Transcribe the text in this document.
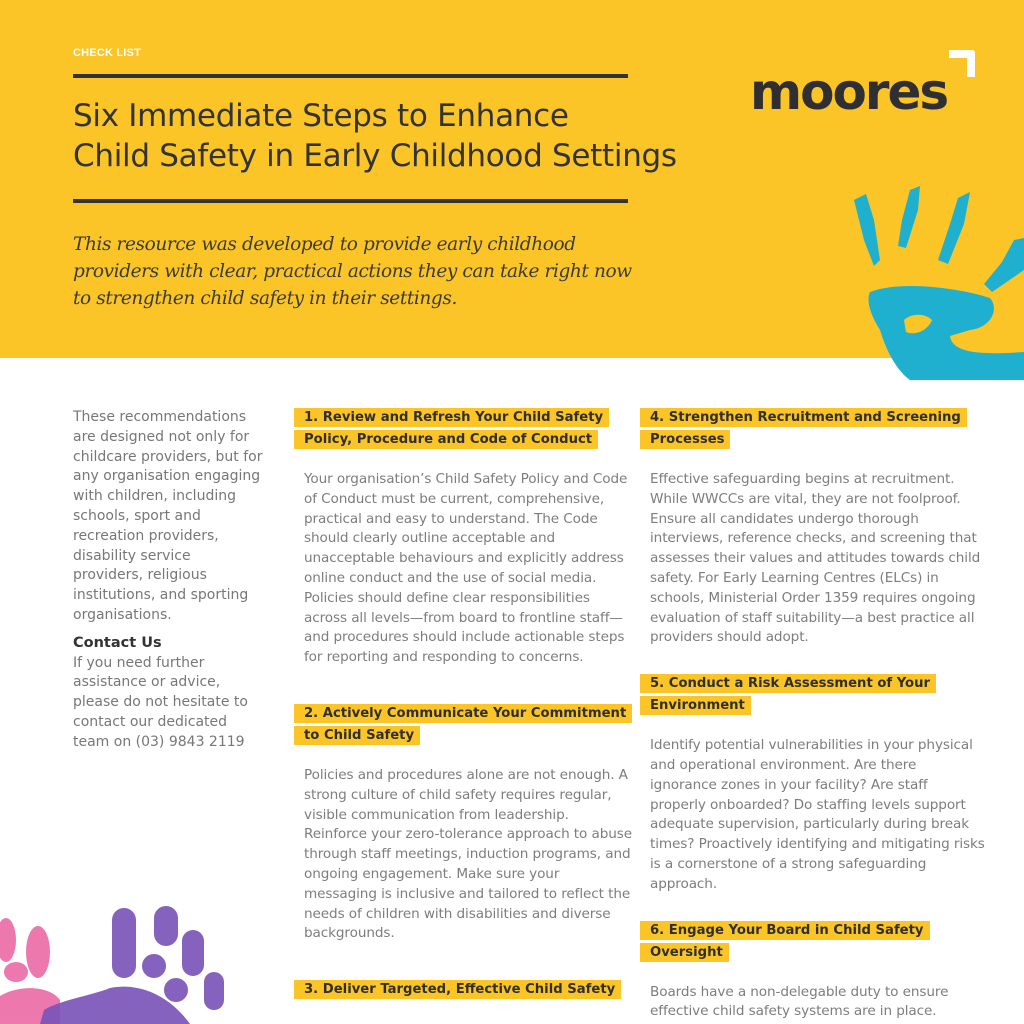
CHECK LIST
Six Immediate Steps to Enhance
Child Safety in Early Childhood Settings
This resource was developed to provide early childhood providers with clear, practical actions they can take right now to strengthen child safety in their settings.
moores

These recommendations are designed not only for childcare providers, but for any organisation engaging with children, including schools, sport and recreation providers, disability service providers, religious institutions, and sporting organisations.

Contact Us

If you need further assistance or advice, please do not hesitate to contact our dedicated team on (03) 9843 2119

1. Review and Refresh Your Child Safety Policy, Procedure and Code of Conduct

Your organisation’s Child Safety Policy and Code of Conduct must be current, comprehensive, practical and easy to understand. The Code should clearly outline acceptable and unacceptable behaviours and explicitly address online conduct and the use of social media. Policies should define clear responsibilities across all levels—from board to frontline staff—and procedures should include actionable steps for reporting and responding to concerns.

2. Actively Communicate Your Commitment to Child Safety

Policies and procedures alone are not enough. A strong culture of child safety requires regular, visible communication from leadership. Reinforce your zero-tolerance approach to abuse through staff meetings, induction programs, and ongoing engagement. Make sure your messaging is inclusive and tailored to reflect the needs of children with disabilities and diverse backgrounds.

3. Deliver Targeted, Effective Child Safety
4. Strengthen Recruitment and Screening Processes

Effective safeguarding begins at recruitment. While WWCCs are vital, they are not foolproof. Ensure all candidates undergo thorough interviews, reference checks, and screening that assesses their values and attitudes towards child safety. For Early Learning Centres (ELCs) in schools, Ministerial Order 1359 requires ongoing evaluation of staff suitability—a best practice all providers should adopt.

5. Conduct a Risk Assessment of Your Environment

Identify potential vulnerabilities in your physical and operational environment. Are there ignorance zones in your facility? Are staff properly onboarded? Do staffing levels support adequate supervision, particularly during break times? Proactively identifying and mitigating risks is a cornerstone of a strong safeguarding approach.

6. Engage Your Board in Child Safety Oversight

Boards have a non-delegable duty to ensure effective child safety systems are in place.
